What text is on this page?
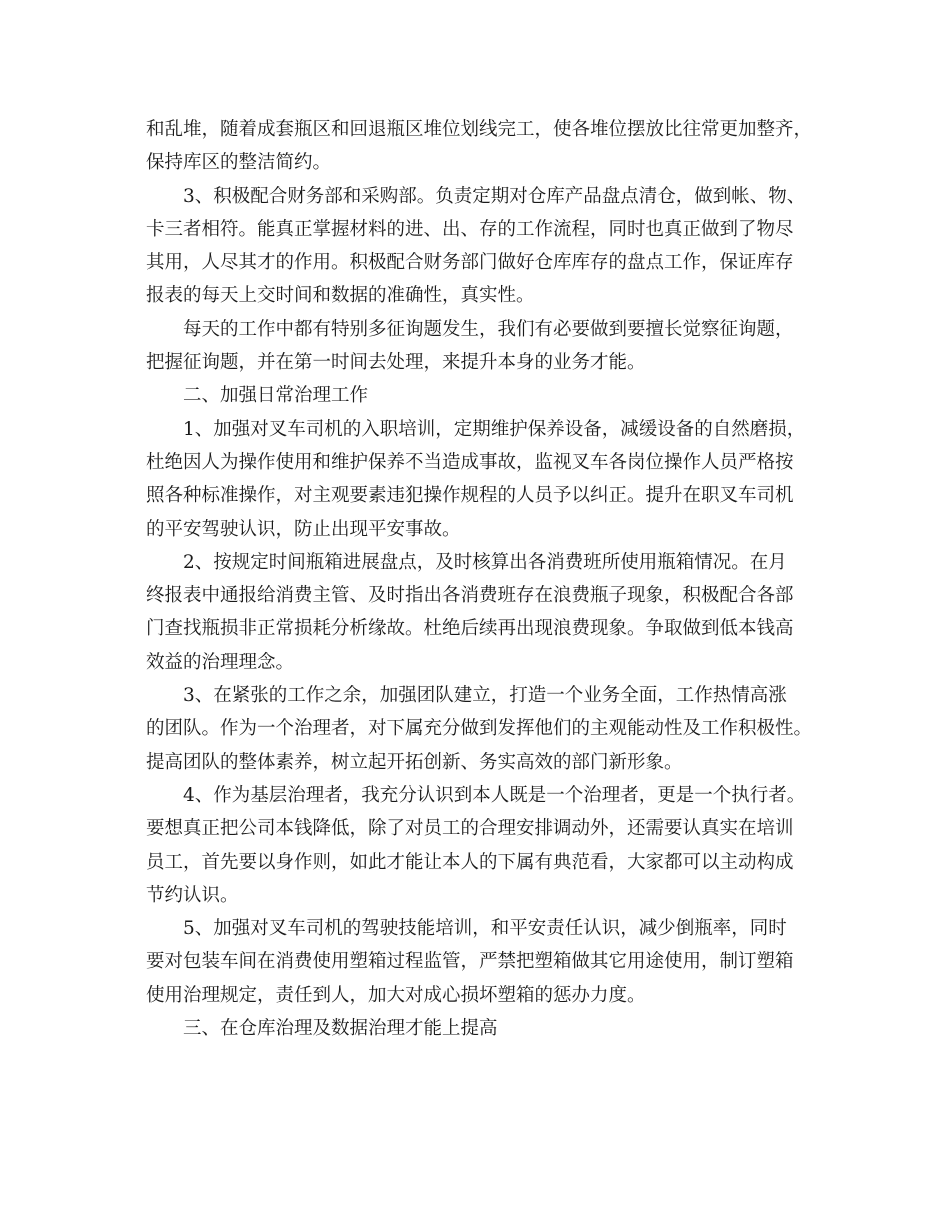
和乱堆，随着成套瓶区和回退瓶区堆位划线完工，使各堆位摆放比往常更加整齐，
保持库区的整洁简约。
3、积极配合财务部和采购部。负责定期对仓库产品盘点清仓，做到帐、物、
卡三者相符。能真正掌握材料的进、出、存的工作流程，同时也真正做到了物尽
其用，人尽其才的作用。积极配合财务部门做好仓库库存的盘点工作，保证库存
报表的每天上交时间和数据的准确性，真实性。
每天的工作中都有特别多征询题发生，我们有必要做到要擅长觉察征询题，
把握征询题，并在第一时间去处理，来提升本身的业务才能。
二、加强日常治理工作
1、加强对叉车司机的入职培训，定期维护保养设备，减缓设备的自然磨损，
杜绝因人为操作使用和维护保养不当造成事故，监视叉车各岗位操作人员严格按
照各种标准操作，对主观要素违犯操作规程的人员予以纠正。提升在职叉车司机
的平安驾驶认识，防止出现平安事故。
2、按规定时间瓶箱进展盘点，及时核算出各消费班所使用瓶箱情况。在月
终报表中通报给消费主管、及时指出各消费班存在浪费瓶子现象，积极配合各部
门查找瓶损非正常损耗分析缘故。杜绝后续再出现浪费现象。争取做到低本钱高
效益的治理理念。
3、在紧张的工作之余，加强团队建立，打造一个业务全面，工作热情高涨
的团队。作为一个治理者，对下属充分做到发挥他们的主观能动性及工作积极性。
提高团队的整体素养，树立起开拓创新、务实高效的部门新形象。
4、作为基层治理者，我充分认识到本人既是一个治理者，更是一个执行者。
要想真正把公司本钱降低，除了对员工的合理安排调动外，还需要认真实在培训
员工，首先要以身作则，如此才能让本人的下属有典范看，大家都可以主动构成
节约认识。
5、加强对叉车司机的驾驶技能培训，和平安责任认识，减少倒瓶率，同时
要对包装车间在消费使用塑箱过程监管，严禁把塑箱做其它用途使用，制订塑箱
使用治理规定，责任到人，加大对成心损坏塑箱的惩办力度。
三、在仓库治理及数据治理才能上提高
